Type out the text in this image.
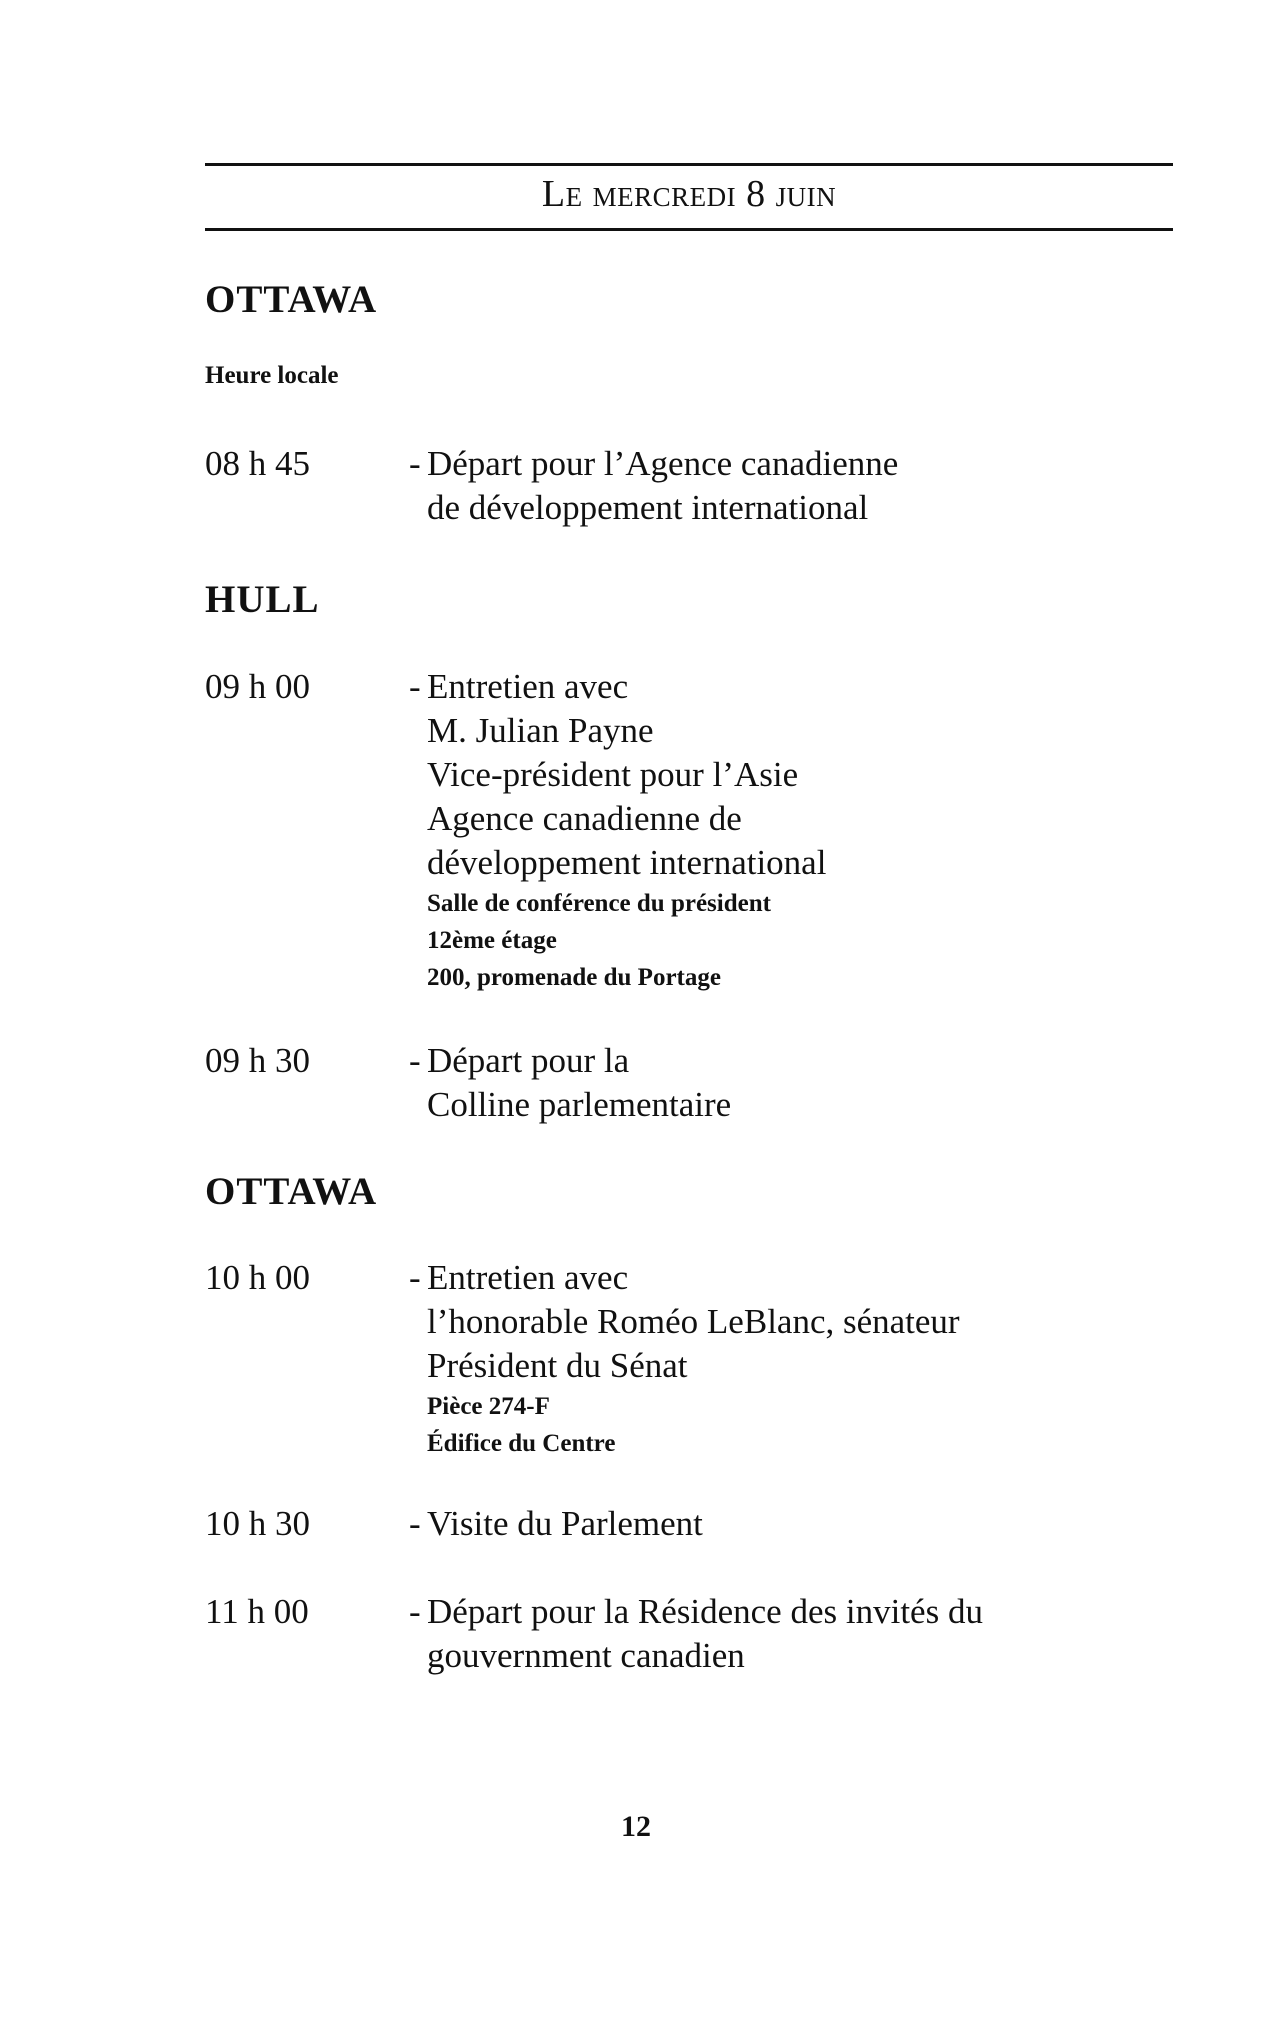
Le mercredi 8 juin
OTTAWA
Heure locale
08 h 45	- Départ pour l’Agence canadienne
de développement international
HULL
09 h 00	- Entretien avec
M. Julian Payne
Vice-président pour l’Asie
Agence canadienne de
développement international
Salle de conférence du président
12ème étage
200, promenade du Portage
09 h 30	- Départ pour la
Colline parlementaire
OTTAWA
10 h 00	- Entretien avec
l’honorable Roméo LeBlanc, sénateur
Président du Sénat
Pièce 274-F
Édifice du Centre
10 h 30	- Visite du Parlement
11 h 00	- Départ pour la Résidence des invités du
gouvernment canadien
12
